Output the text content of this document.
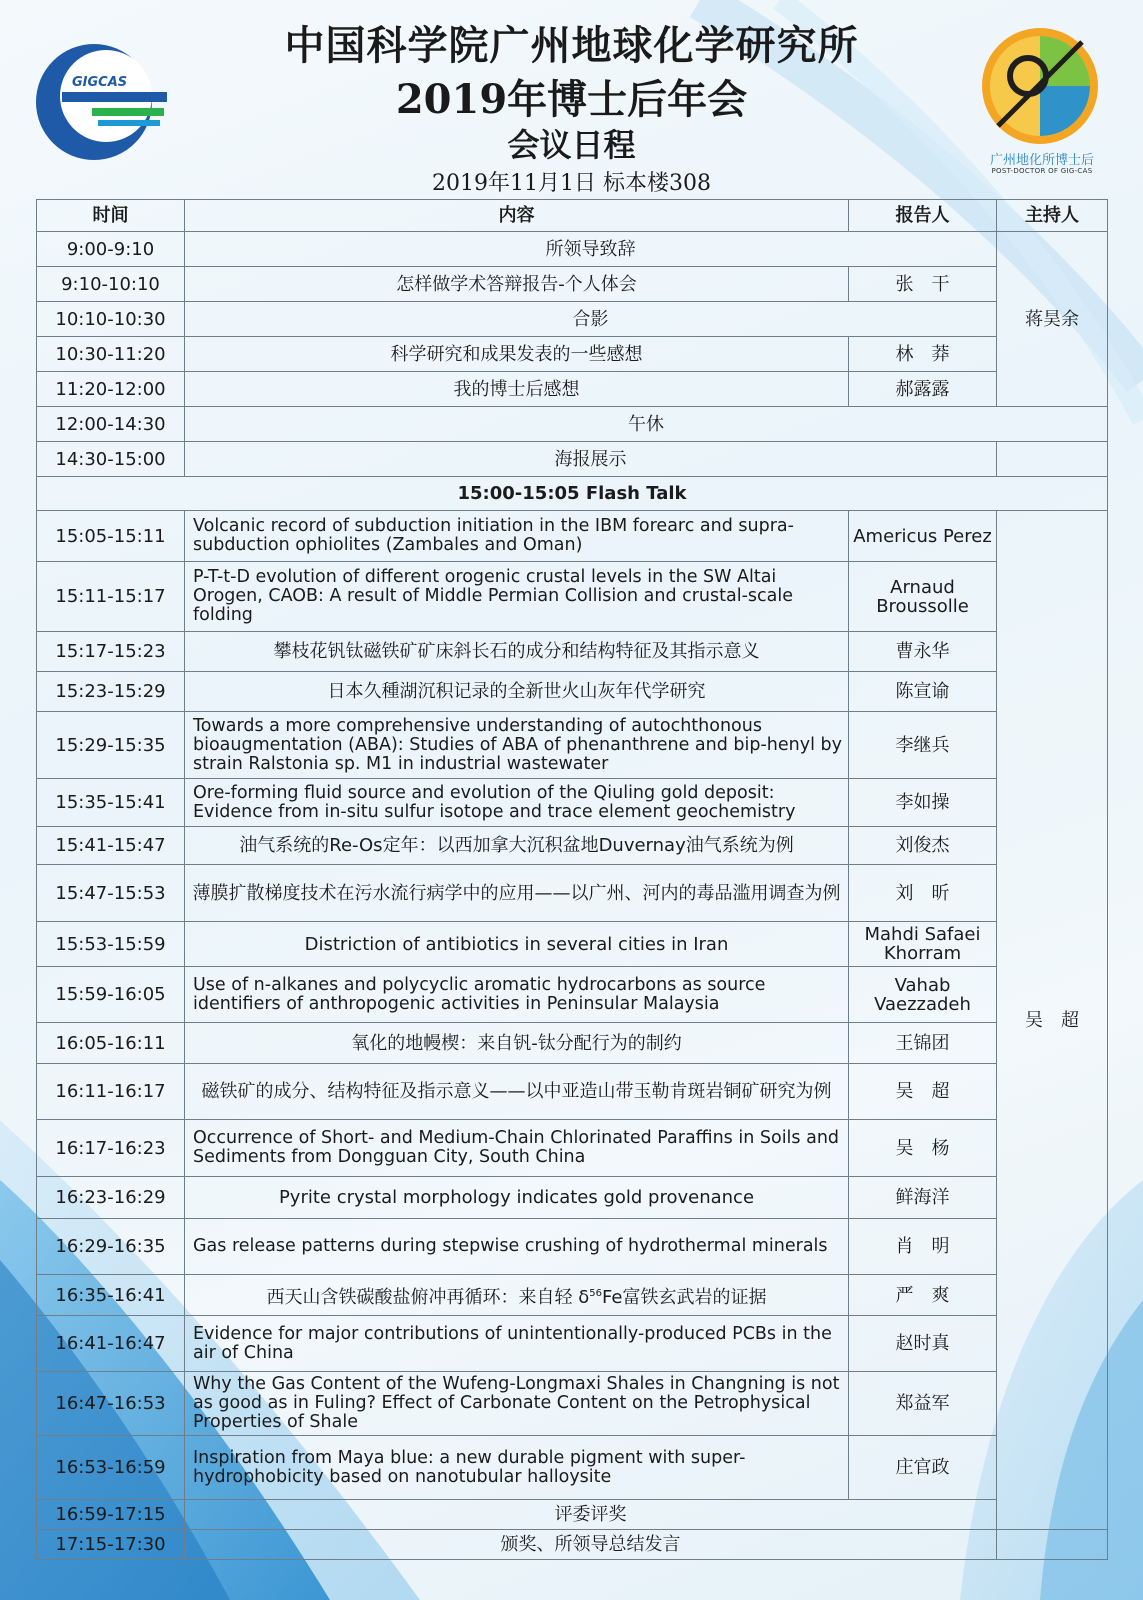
GIGCAS
中国科学院广州地球化学研究所
2019年博士后年会
会议日程
2019年11月1日 标本楼308
广州地化所博士后
POST-DOCTOR OF GIG-CAS
时间	内容	报告人	主持人
9:00-9:10	所领导致辞		蒋昊余
9:10-10:10	怎样做学术答辩报告-个人体会	张　干	
10:10-10:30	合影		
10:30-11:20	科学研究和成果发表的一些感想	林　莽	
11:20-12:00	我的博士后感想	郝露露	
12:00-14:30	午休		
14:30-15:00	海报展示		
15:00-15:05 Flash Talk			
15:05-15:11	Volcanic record of subduction initiation in the IBM forearc and supra-subduction ophiolites (Zambales and Oman)	Americus Perez	吴　超
15:11-15:17	P-T-t-D evolution of different orogenic crustal levels in the SW Altai Orogen, CAOB: A result of Middle Permian Collision and crustal-scale folding	Arnaud Broussolle	
15:17-15:23	攀枝花钒钛磁铁矿矿床斜长石的成分和结构特征及其指示意义	曹永华	
15:23-15:29	日本久種湖沉积记录的全新世火山灰年代学研究	陈宣谕	
15:29-15:35	Towards a more comprehensive understanding of autochthonous bioaugmentation (ABA): Studies of ABA of phenanthrene and bip-henyl by strain Ralstonia sp. M1 in industrial wastewater	李继兵	
15:35-15:41	Ore-forming fluid source and evolution of the Qiuling gold deposit: Evidence from in-situ sulfur isotope and trace element geochemistry	李如操	
15:41-15:47	油气系统的Re-Os定年：以西加拿大沉积盆地Duvernay油气系统为例	刘俊杰	
15:47-15:53	薄膜扩散梯度技术在污水流行病学中的应用——以广州、河内的毒品滥用调查为例	刘　昕	
15:53-15:59	Distriction of antibiotics in several cities in Iran	Mahdi Safaei Khorram	
15:59-16:05	Use of n-alkanes and polycyclic aromatic hydrocarbons as source identifiers of anthropogenic activities in Peninsular Malaysia	Vahab Vaezzadeh	
16:05-16:11	氧化的地幔楔：来自钒-钛分配行为的制约	王锦团	
16:11-16:17	磁铁矿的成分、结构特征及指示意义——以中亚造山带玉勒肯斑岩铜矿研究为例	吴　超	
16:17-16:23	Occurrence of Short- and Medium-Chain Chlorinated Paraffins in Soils and Sediments from Dongguan City, South China	吴　杨	
16:23-16:29	Pyrite crystal morphology indicates gold provenance	鲜海洋	
16:29-16:35	Gas release patterns during stepwise crushing of hydrothermal minerals	肖　明	
16:35-16:41	西天山含铁碳酸盐俯冲再循环：来自轻 $\delta^{56}Fe$富铁玄武岩的证据	严　爽	
16:41-16:47	Evidence for major contributions of unintentionally-produced PCBs in the air of China	赵时真	
16:47-16:53	Why the Gas Content of the Wufeng-Longmaxi Shales in Changning is not as good as in Fuling? Effect of Carbonate Content on the Petrophysical Properties of Shale	郑益军	
16:53-16:59	Inspiration from Maya blue: a new durable pigment with super-hydrophobicity based on nanotubular halloysite	庄官政	
16:59-17:15	评委评奖		
17:15-17:30	颁奖、所领导总结发言		
